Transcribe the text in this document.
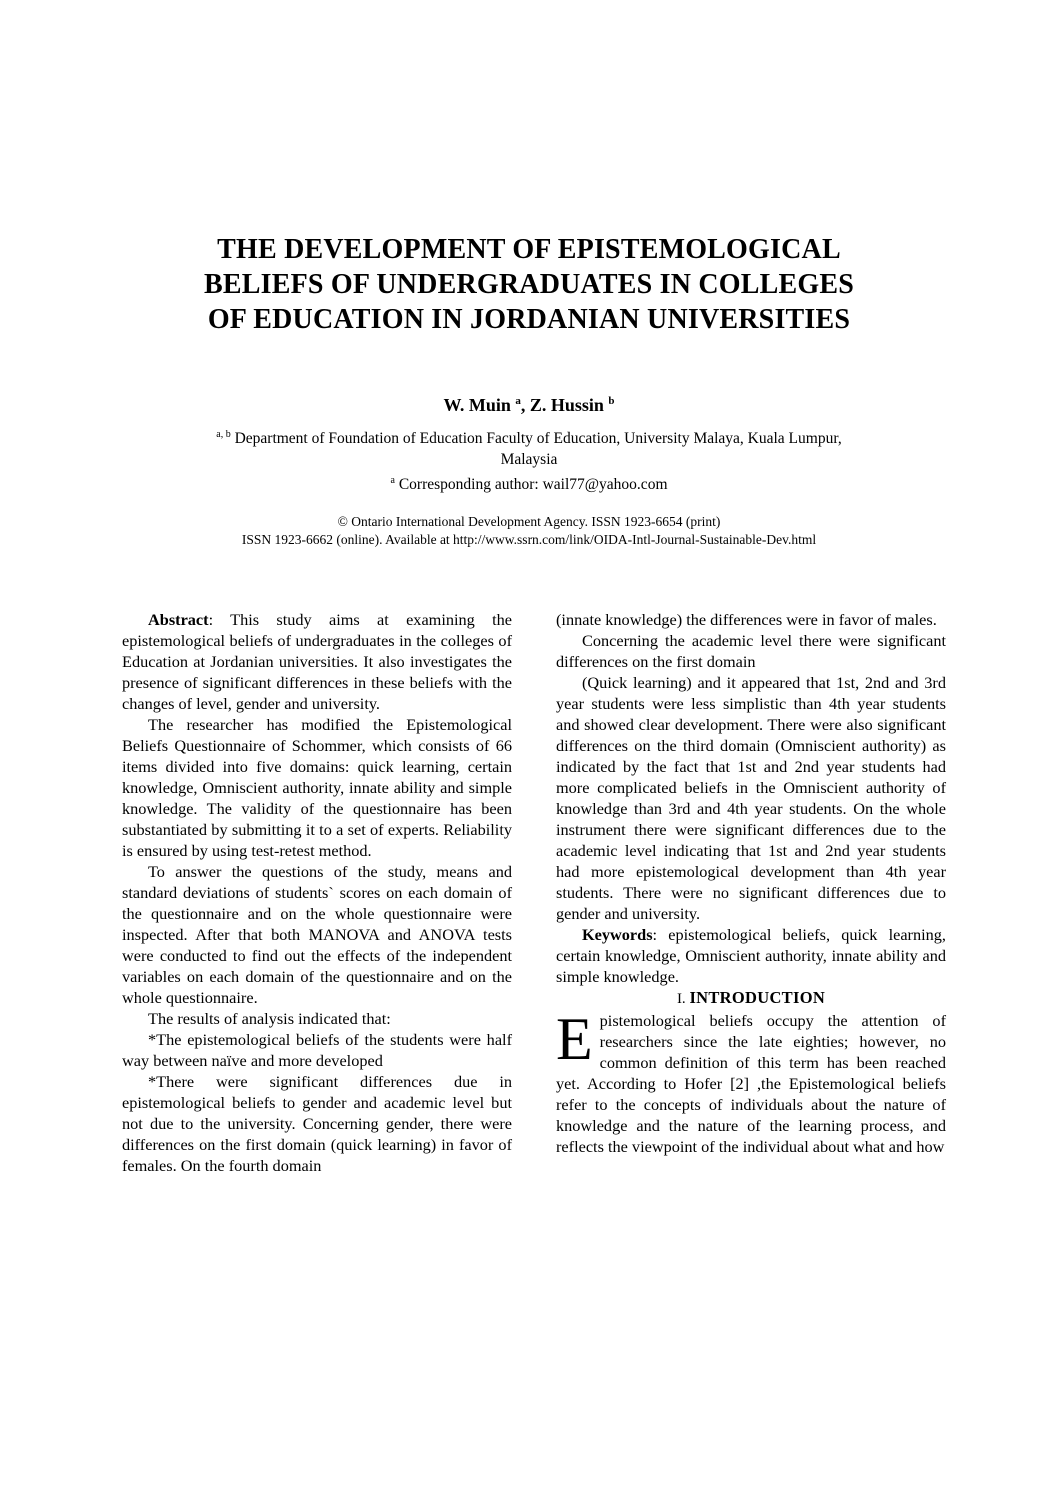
THE DEVELOPMENT OF EPISTEMOLOGICAL
BELIEFS OF UNDERGRADUATES IN COLLEGES
OF EDUCATION IN JORDANIAN UNIVERSITIES
W. Muin $^a$, Z. Hussin $^b$
$^{a, b}$ Department of Foundation of Education Faculty of Education, University Malaya, Kuala Lumpur,
Malaysia
$^a$ Corresponding author: wail77@yahoo.com
© Ontario International Development Agency. ISSN 1923-6654 (print)
ISSN 1923-6662 (online). Available at http://www.ssrn.com/link/OIDA-Intl-Journal-Sustainable-Dev.html

Abstract: This study aims at examining the epistemological beliefs of undergraduates in the colleges of Education at Jordanian universities. It also investigates the presence of significant differences in these beliefs with the changes of level, gender and university.

The researcher has modified the Epistemological Beliefs Questionnaire of Schommer, which consists of 66 items divided into five domains: quick learning, certain knowledge, Omniscient authority, innate ability and simple knowledge. The validity of the questionnaire has been substantiated by submitting it to a set of experts. Reliability is ensured by using test-retest method.

To answer the questions of the study, means and standard deviations of students` scores on each domain of the questionnaire and on the whole questionnaire were inspected. After that both MANOVA and ANOVA tests were conducted to find out the effects of the independent variables on each domain of the questionnaire and on the whole questionnaire.

The results of analysis indicated that:

*The epistemological beliefs of the students were half way between naïve and more developed

*There were significant differences due in epistemological beliefs to gender and academic level but not due to the university. Concerning gender, there were differences on the first domain (quick learning) in favor of females. On the fourth domain

(innate knowledge) the differences were in favor of males.

Concerning the academic level there were significant differences on the first domain

(Quick learning) and it appeared that 1st, 2nd and 3rd year students were less simplistic than 4th year students and showed clear development. There were also significant differences on the third domain (Omniscient authority) as indicated by the fact that 1st and 2nd year students had more complicated beliefs in the Omniscient authority of knowledge than 3rd and 4th year students. On the whole instrument there were significant differences due to the academic level indicating that 1st and 2nd year students had more epistemological development than 4th year students. There were no significant differences due to gender and university.

Keywords: epistemological beliefs, quick learning, certain knowledge, Omniscient authority, innate ability and simple knowledge.

I. INTRODUCTION

Epistemological beliefs occupy the attention of researchers since the late eighties; however, no common definition of this term has been reached yet. According to Hofer [2] ,the Epistemological beliefs refer to the concepts of individuals about the nature of knowledge and the nature of the learning process, and reflects the viewpoint of the individual about what and how
